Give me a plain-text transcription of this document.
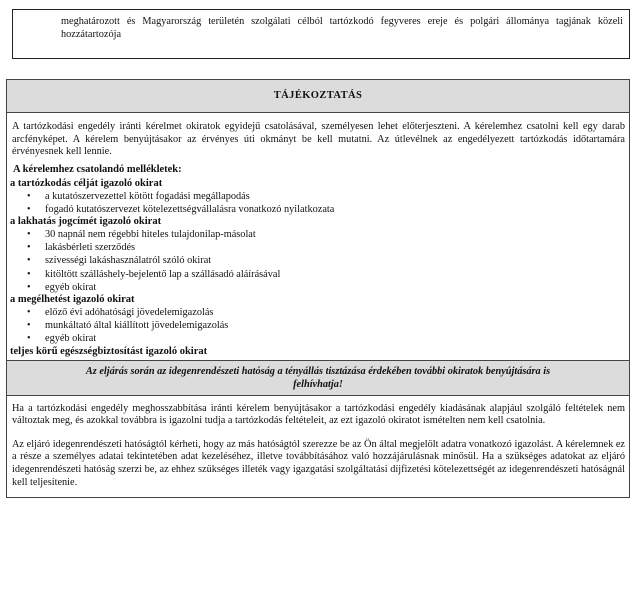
meghatározott és Magyarország területén szolgálati célból tartózkodó fegyveres ereje és polgári állománya tagjának közeli hozzátartozója
TÁJÉKOZTATÁS
A tartózkodási engedély iránti kérelmet okiratok egyidejű csatolásával, személyesen lehet előterjeszteni. A kérelemhez csatolni kell egy darab arcfényképet. A kérelem benyújtásakor az érvényes úti okmányt be kell mutatni. Az útlevélnek az engedélyezett tartózkodás időtartamára érvényesnek kell lennie.
A kérelemhez csatolandó mellékletek:
a tartózkodás célját igazoló okirat
• a kutatószervezettel kötött fogadási megállapodás
• fogadó kutatószervezet kötelezettségvállalásra vonatkozó nyilatkozata
a lakhatás jogcímét igazoló okirat
• 30 napnál nem régebbi hiteles tulajdonilap-másolat
• lakásbérleti szerződés
• szívességi lakáshasználatról szóló okirat
• kitöltött szálláshely-bejelentő lap a szállásadó aláírásával
• egyéb okirat
a megélhetést igazoló okirat
• előző évi adóhatósági jövedelemigazolás
• munkáltató által kiállított jövedelemigazolás
• egyéb okirat
teljes körű egészségbiztosítást igazoló okirat
Az eljárás során az idegenrendészeti hatóság a tényállás tisztázása érdekében további okiratok benyújtására is felhívhatja!
Ha a tartózkodási engedély meghosszabbítása iránti kérelem benyújtásakor a tartózkodási engedély kiadásának alapjául szolgáló feltételek nem változtak meg, és azokkal továbbra is igazolni tudja a tartózkodás feltételeit, az ezt igazoló okiratot ismételten nem kell csatolnia.
Az eljáró idegenrendészeti hatóságtól kérheti, hogy az más hatóságtól szerezze be az Ön által megjelölt adatra vonatkozó igazolást. A kérelemnek ez a része a személyes adatai tekintetében adat kezeléséhez, illetve továbbításához való hozzájárulásnak minősül. Ha a szükséges adatokat az eljáró idegenrendészeti hatóság szerzi be, az ehhez szükséges illeték vagy igazgatási szolgáltatási díjfizetési kötelezettségét az idegenrendészeti hatóságnál kell teljesítenie.
